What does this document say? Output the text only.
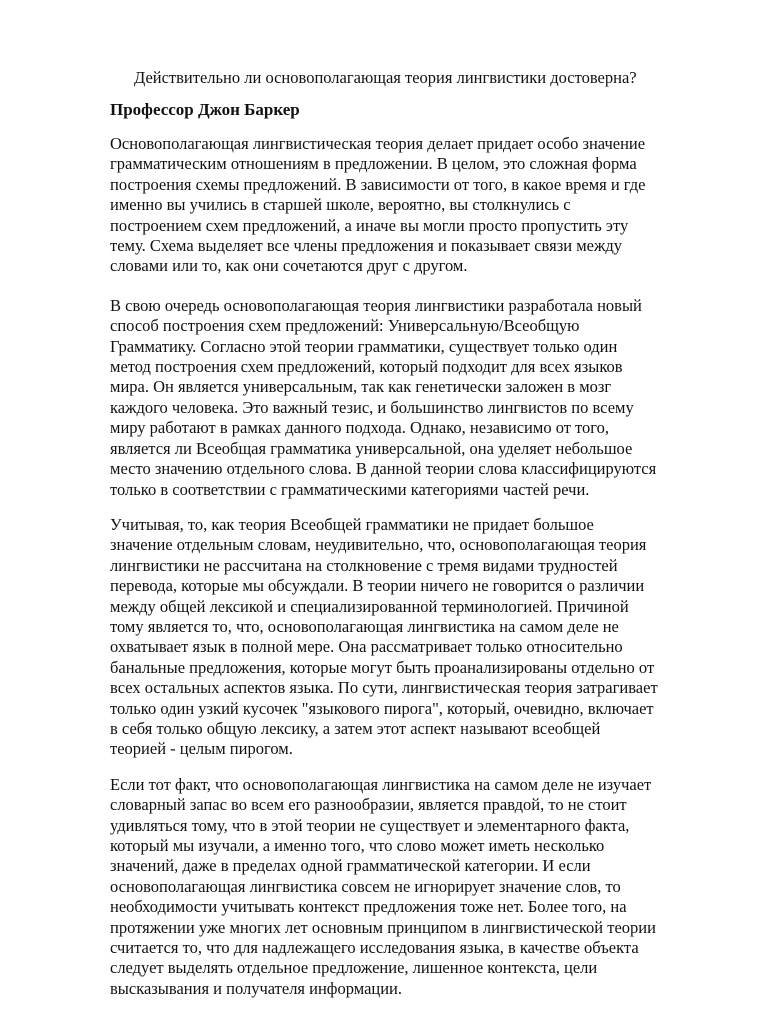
Действительно ли основополагающая теория лингвистики достоверна?
Профессор Джон Баркер

Основополагающая лингвистическая теория делает придает особо значение
грамматическим отношениям в предложении. В целом, это сложная форма
построения схемы предложений. В зависимости от того, в какое время и где
именно вы учились в старшей школе, вероятно, вы столкнулись с
построением схем предложений, а иначе вы могли просто пропустить эту
тему. Схема выделяет все члены предложения и показывает связи между
словами или то, как они сочетаются друг с другом.

В свою очередь основополагающая теория лингвистики разработала новый
способ построения схем предложений: Универсальную/Всеобщую
Грамматику. Согласно этой теории грамматики, существует только один
метод построения схем предложений, который подходит для всех языков
мира. Он является универсальным, так как генетически заложен в мозг
каждого человека. Это важный тезис, и большинство лингвистов по всему
миру работают в рамках данного подхода. Однако, независимо от того,
является ли Всеобщая грамматика универсальной, она уделяет небольшое
место значению отдельного слова. В данной теории слова классифицируются
только в соответствии с грамматическими категориями частей речи.

Учитывая, то, как теория Всеобщей грамматики не придает большое
значение отдельным словам, неудивительно, что, основополагающая теория
лингвистики не рассчитана на столкновение с тремя видами трудностей
перевода, которые мы обсуждали. В теории ничего не говорится о различии
между общей лексикой и специализированной терминологией. Причиной
тому является то, что, основополагающая лингвистика на самом деле не
охватывает язык в полной мере. Она рассматривает только относительно
банальные предложения, которые могут быть проанализированы отдельно от
всех остальных аспектов языка. По сути, лингвистическая теория затрагивает
только один узкий кусочек "языкового пирога", который, очевидно, включает
в себя только общую лексику, а затем этот аспект называют всеобщей
теорией - целым пирогом.

Если тот факт, что основополагающая лингвистика на самом деле не изучает
словарный запас во всем его разнообразии, является правдой, то не стоит
удивляться тому, что в этой теории не существует и элементарного факта,
который мы изучали, а именно того, что слово может иметь несколько
значений, даже в пределах одной грамматической категории. И если
основополагающая лингвистика совсем не игнорирует значение слов, то
необходимости учитывать контекст предложения тоже нет. Более того, на
протяжении уже многих лет основным принципом в лингвистической теории
считается то, что для надлежащего исследования языка, в качестве объекта
следует выделять отдельное предложение, лишенное контекста, цели
высказывания и получателя информации.
